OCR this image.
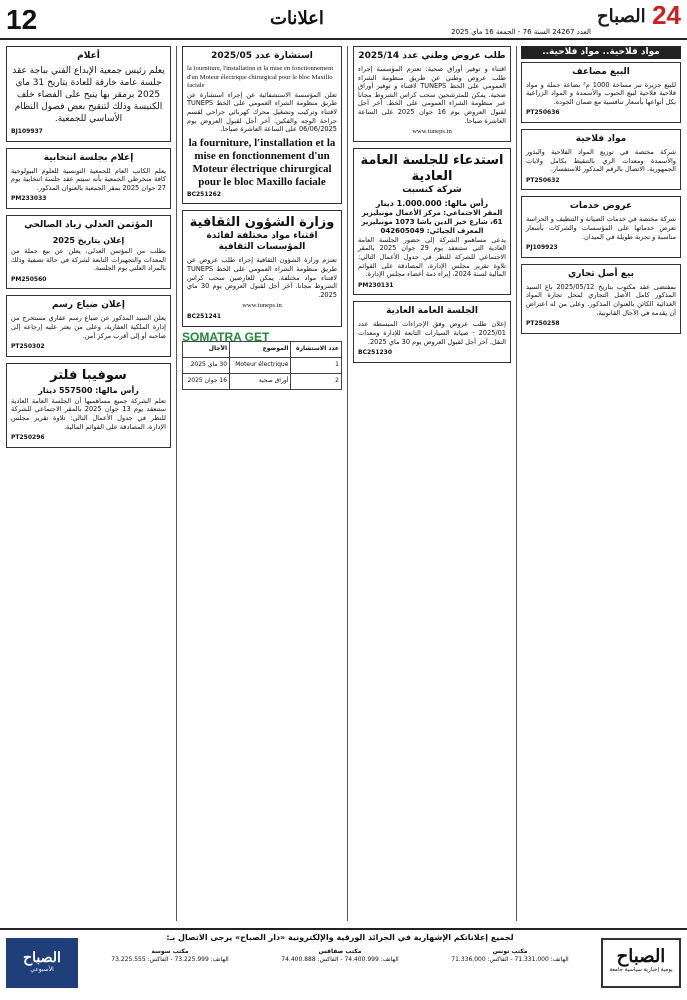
12	اعلانات
العدد 24267 السنة 76 - الجمعة 16 ماي 2025
24
الصباح
مواد فلاحية.. مواد فلاحية..
البيع مضاعف

للبيع جزيرة تبر مساحة 1000 م² بضاعة جملة و مواد فلاحية فلاحية لبيع الحبوب والأسمدة و المواد الزراعية بكل أنواعها بأسعار تنافسية مع ضمان الجودة.

PT250636
مواد فلاحية

شركة مختصة في توزيع المواد الفلاحية والبذور والأسمدة ومعدات الري بالتنقيط بكامل ولايات الجمهورية. الاتصال بالرقم المذكور للاستفسار.

PT250632
عروض خدمات

شركة مختصة في خدمات الصيانة و التنظيف و الحراسة تعرض خدماتها على المؤسسات والشركات بأسعار مناسبة و تجربة طويلة في الميدان.

PJ109923
بيع أصل تجاري

بمقتضى عقد مكتوب بتاريخ 2025/05/12 باع السيد المذكور كامل الأصل التجاري لمحل تجارة المواد الغذائية الكائن بالعنوان المذكور. وعلى من له اعتراض أن يقدمه في الآجال القانونية.

PT250258
طلب عروض وطني عدد 2025/14

اقتناء و توفير أوراق صحية: تعتزم المؤسسة إجراء طلب عروض وطني عن طريق منظومة الشراء العمومي على الخط TUNEPS لاقتناء و توفير أوراق صحية. يمكن للمترشحين سحب كراس الشروط مجانا عبر منظومة الشراء العمومي على الخط. آخر أجل لقبول العروض يوم 16 جوان 2025 على الساعة العاشرة صباحا.

www.tuneps.tn
استدعاء للجلسة العامة العادية
شركة كنسبت
رأس مالها: 1.000.000 دينار
المقر الاجتماعي: مركز الأعمال مونبليزير 61، شارع خير الدين باشا 1073 مونبليزير
المعرف الجبائي: 042605049

يدعى مساهمو الشركة إلى حضور الجلسة العامة العادية التي ستنعقد يوم 29 جوان 2025 بالمقر الاجتماعي للشركة للنظر في جدول الأعمال التالي: تلاوة تقرير مجلس الإدارة، المصادقة على القوائم المالية لسنة 2024، إبراء ذمة أعضاء مجلس الإدارة.

PM230131
الجلسة العامة العادية

إعلان طلب عروض وفق الإجراءات المبسطة عدد 2025/01 - صيانة السيارات التابعة للإدارة ومعدات النقل. آخر أجل لقبول العروض يوم 30 ماي 2025.

BC251230
استشارة عدد 2025/05
la fourniture, l'installation et la mise en fonctionnement d'un Moteur électrique chirurgical pour le bloc Maxillo faciale

تعلن المؤسسة الاستشفائية عن إجراء استشارة عن طريق منظومة الشراء العمومي على الخط TUNEPS لاقتناء وتركيب وتشغيل محرك كهربائي جراحي لقسم جراحة الوجه والفكين. آخر أجل لقبول العروض يوم 06/06/2025 على الساعة العاشرة صباحا.

la fourniture, l'installation et la mise en fonctionnement d'un Moteur électrique chirurgical pour le bloc Maxillo faciale
BC251262
وزارة الشؤون الثقافية
اقتناء مواد مختلفة لفائدة المؤسسات الثقافية

تعتزم وزارة الشؤون الثقافية إجراء طلب عروض عن طريق منظومة الشراء العمومي على الخط TUNEPS لاقتناء مواد مختلفة. يمكن للعارضين سحب كراس الشروط مجانا. آخر أجل لقبول العروض يوم 30 ماي 2025.

www.tuneps.tn
BC251241
SOMATRA GET
عدد الاستشارة	الموضوع	الآجال
1	Moteur électrique	30 ماي 2025
2	أوراق صحية	16 جوان 2025
أعلام

يعلم رئيس جمعية الإبداع الفني بباجة عقد جلسة عامة خارقة للعادة بتاريخ 31 ماي 2025 برمقر بها ينبح على الفضاء خلف الكنيسة وذلك لتنقيح بعض فصول النظام الأساسي للجمعية.

BJ109937
إعلام بجلسة انتخابية

يعلم الكاتب العام للجمعية التونسية للعلوم البيولوجية كافة منخرطي الجمعية بأنه سيتم عقد جلسة انتخابية يوم 27 جوان 2025 بمقر الجمعية بالعنوان المذكور.

PM233033
المؤتمن العدلي زياد الصالحي
إعلان بتاريخ 2025

بطلب من المؤتمن العدلي، يعلن عن بيع جملة من المعدات والتجهيزات التابعة لشركة في حالة تصفية وذلك بالمزاد العلني يوم الجلسة.

PM250560
إعلان ضياع رسم

يعلن السيد المذكور عن ضياع رسم عقاري مستخرج من إدارة الملكية العقارية، وعلى من يعثر عليه إرجاعه إلى صاحبه أو إلى أقرب مركز أمن.

PT250302
سوفيبا فلتر
رأس مالها: 557500 دينار

تعلم الشركة جميع مساهميها أن الجلسة العامة العادية ستنعقد يوم 13 جوان 2025 بالمقر الاجتماعي للشركة للنظر في جدول الأعمال التالي: تلاوة تقرير مجلس الإدارة، المصادقة على القوائم المالية.

PT250296
الصباح
يومية إخبارية سياسية جامعة
لجميع إعلاناتكم الإشهارية في الجرائد الورقية والإلكترونية «دار الصباح» يرجى الاتصال بـ:
مكتب تونس
الهاتف: 71.331.000 - الفاكس: 71.336.000
مكتب صفاقس
الهاتف: 74.400.999 - الفاكس: 74.400.888
مكتب سوسة
الهاتف: 73.225.999 - الفاكس: 73.225.555
الصباح
الأسبوعي
